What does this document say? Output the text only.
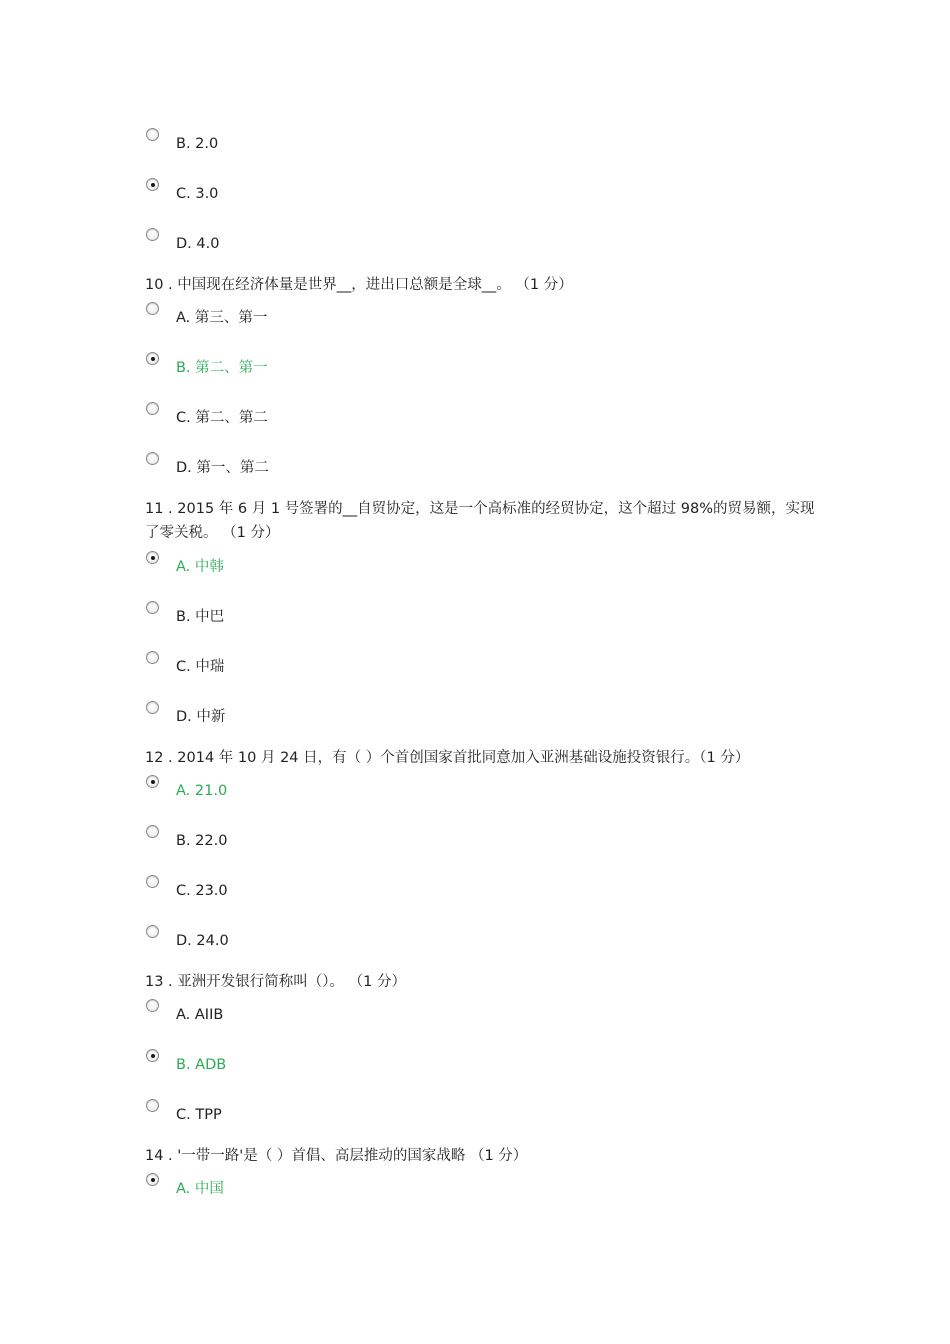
B. 2.0
C. 3.0
D. 4.0
10 . 中国现在经济体量是世界__，进出口总额是全球__。 （1 分）
A. 第三、第一
B. 第二、第一
C. 第二、第二
D. 第一、第二
11 . 2015 年 6 月 1 号签署的__自贸协定，这是一个高标准的经贸协定，这个超过 98%的贸易额，实现了零关税。 （1 分）
A. 中韩
B. 中巴
C. 中瑞
D. 中新
12 . 2014 年 10 月 24 日，有（ ）个首创国家首批同意加入亚洲基础设施投资银行。（1 分）
A. 21.0
B. 22.0
C. 23.0
D. 24.0
13 . 亚洲开发银行简称叫（）。 （1 分）
A. AIIB
B. ADB
C. TPP
14 . '一带一路'是（ ）首倡、高层推动的国家战略 （1 分）
A. 中国
